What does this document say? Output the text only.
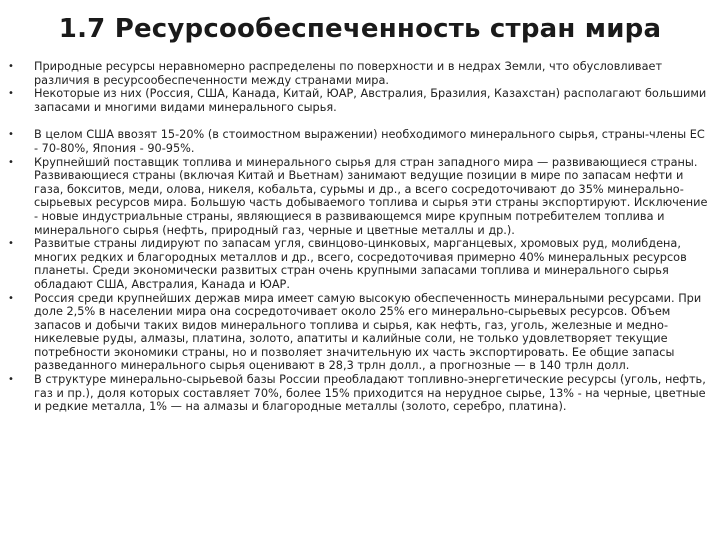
1.7 Ресурсообеспеченность стран мира
•	Природные ресурсы неравномерно распределены по поверхности и в недрах Земли, что обусловливает различия в ресурсообеспеченности между странами мира.
•	Некоторые из них (Россия, США, Канада, Китай, ЮАР, Австралия, Бразилия, Казахстан) располагают большими запасами и многими видами минерального сырья.
•	В целом США ввозят 15-20% (в стоимостном выражении) необходимого минерального сырья, страны-члены ЕС - 70-80%, Япония - 90-95%.
•	Крупнейший поставщик топлива и минерального сырья для стран западного мира — развивающиеся страны. Развивающиеся страны (включая Китай и Вьетнам) занимают ведущие позиции в мире по запасам нефти и газа, бокситов, меди, олова, никеля, кобальта, сурьмы и др., а всего сосредоточивают до 35% минерально-сырьевых ресурсов мира. Большую часть добываемого топлива и сырья эти страны экспортируют. Исключение - новые индустриальные страны, являющиеся в развивающемся мире крупным потребителем топлива и минерального сырья (нефть, природный газ, черные и цветные металлы и др.).
•	Развитые страны лидируют по запасам угля, свинцово-цинковых, марганцевых, хромовых руд, молибдена, многих редких и благородных металлов и др., всего, сосредоточивая примерно 40% минеральных ресурсов планеты. Среди экономически развитых стран очень крупными запасами топлива и минерального сырья обладают США, Австралия, Канада и ЮАР.
•	Россия среди крупнейших держав мира имеет самую высокую обеспеченность минеральными ресурсами. При доле 2,5% в населении мира она сосредоточивает около 25% его минерально-сырьевых ресурсов. Объем запасов и добычи таких видов минерального топлива и сырья, как нефть, газ, уголь, железные и медно-никелевые руды, алмазы, платина, золото, апатиты и калийные соли, не только удовлетворяет текущие потребности экономики страны, но и позволяет значительную их часть экспортировать. Ее общие запасы разведанного минерального сырья оценивают в 28,3 трлн долл., а прогнозные — в 140 трлн долл.
•	В структуре минерально-сырьевой базы России преобладают топливно-энергетические ресурсы (уголь, нефть, газ и пр.), доля которых составляет 70%, более 15% приходится на нерудное сырье, 13% - на черные, цветные и редкие металла, 1% — на алмазы и благородные металлы (золото, серебро, платина).
